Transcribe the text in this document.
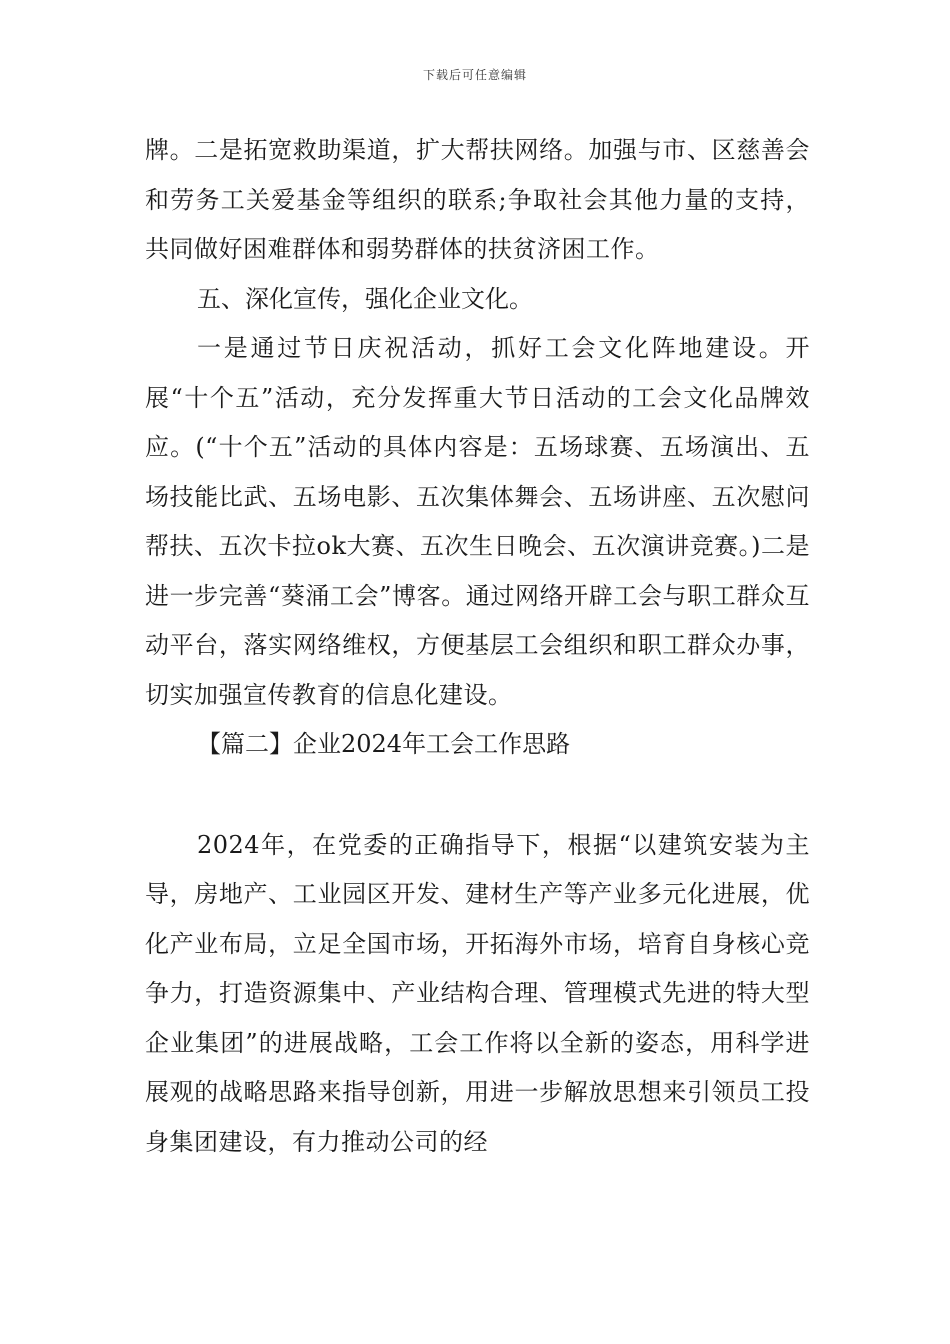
下载后可任意编辑

牌。二是拓宽救助渠道，扩大帮扶网络。加强与市、区慈善会和劳务工关爱基金等组织的联系;争取社会其他力量的支持，共同做好困难群体和弱势群体的扶贫济困工作。

五、深化宣传，强化企业文化。

一是通过节日庆祝活动，抓好工会文化阵地建设。开展“十个五”活动，充分发挥重大节日活动的工会文化品牌效应。(“十个五”活动的具体内容是：五场球赛、五场演出、五场技能比武、五场电影、五次集体舞会、五场讲座、五次慰问帮扶、五次卡拉ok大赛、五次生日晚会、五次演讲竞赛。)二是进一步完善“葵涌工会”博客。通过网络开辟工会与职工群众互动平台，落实网络维权，方便基层工会组织和职工群众办事，切实加强宣传教育的信息化建设。

【篇二】企业2024年工会工作思路

2024年，在党委的正确指导下，根据“以建筑安装为主导，房地产、工业园区开发、建材生产等产业多元化进展，优化产业布局，立足全国市场，开拓海外市场，培育自身核心竞争力，打造资源集中、产业结构合理、管理模式先进的特大型企业集团”的进展战略，工会工作将以全新的姿态，用科学进展观的战略思路来指导创新，用进一步解放思想来引领员工投身集团建设，有力推动公司的经
